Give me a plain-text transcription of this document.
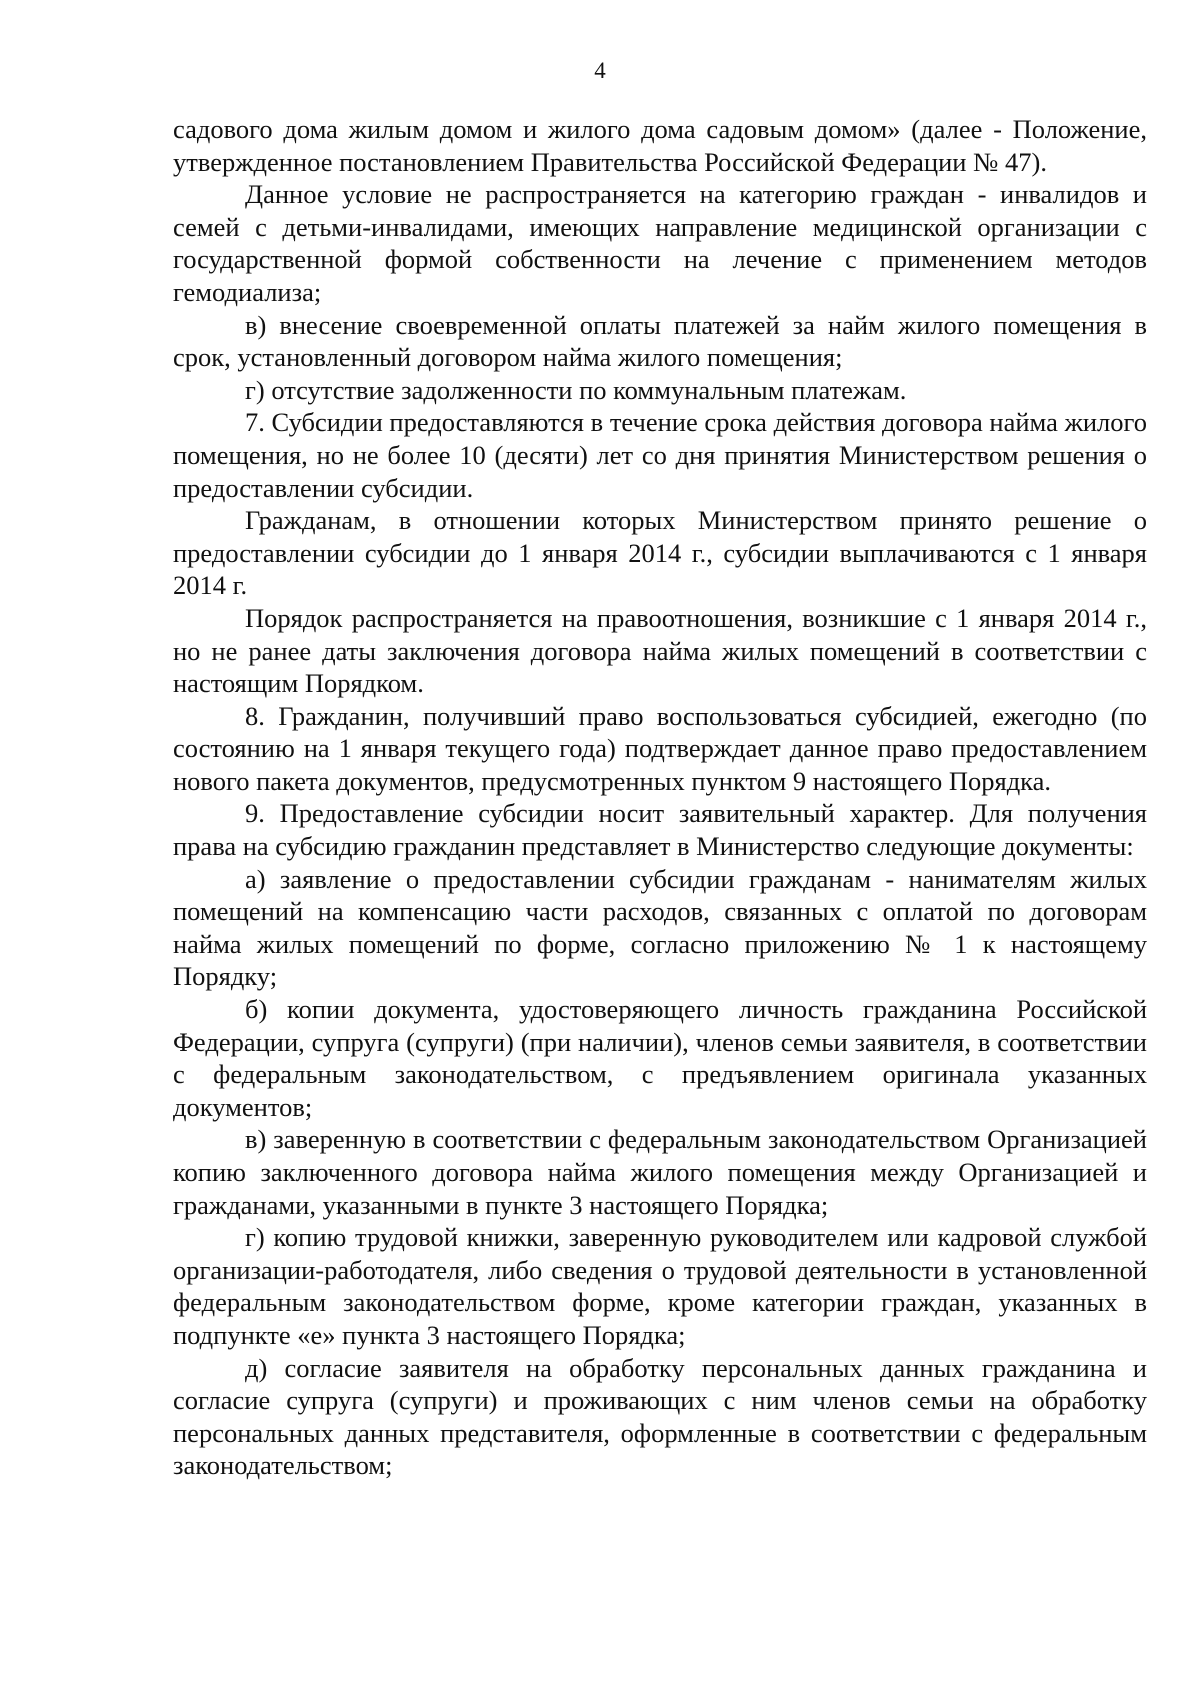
4

садового дома жилым домом и жилого дома садовым домом» (далее - Положение, утвержденное постановлением Правительства Российской Федерации № 47).

Данное условие не распространяется на категорию граждан - инвалидов и семей с детьми-инвалидами, имеющих направление медицинской организации с государственной формой собственности на лечение с применением методов гемодиализа;

в) внесение своевременной оплаты платежей за найм жилого помещения в срок, установленный договором найма жилого помещения;

г) отсутствие задолженности по коммунальным платежам.

7. Субсидии предоставляются в течение срока действия договора найма жилого помещения, но не более 10 (десяти) лет со дня принятия Министерством решения о предоставлении субсидии.

Гражданам, в отношении которых Министерством принято решение о предоставлении субсидии до 1 января 2014 г., субсидии выплачиваются с 1 января 2014 г.

Порядок распространяется на правоотношения, возникшие с 1 января 2014 г., но не ранее даты заключения договора найма жилых помещений в соответствии с настоящим Порядком.

8. Гражданин, получивший право воспользоваться субсидией, ежегодно (по состоянию на 1 января текущего года) подтверждает данное право предоставлением нового пакета документов, предусмотренных пунктом 9 настоящего Порядка.

9. Предоставление субсидии носит заявительный характер. Для получения права на субсидию гражданин представляет в Министерство следующие документы:

а) заявление о предоставлении субсидии гражданам - нанимателям жилых помещений на компенсацию части расходов, связанных с оплатой по договорам найма жилых помещений по форме, согласно приложению № 1 к настоящему Порядку;

б) копии документа, удостоверяющего личность гражданина Российской Федерации, супруга (супруги) (при наличии), членов семьи заявителя, в соответствии с федеральным законодательством, с предъявлением оригинала указанных документов;

в) заверенную в соответствии с федеральным законодательством Организацией копию заключенного договора найма жилого помещения между Организацией и гражданами, указанными в пункте 3 настоящего Порядка;

г) копию трудовой книжки, заверенную руководителем или кадровой службой организации-работодателя, либо сведения о трудовой деятельности в установленной федеральным законодательством форме, кроме категории граждан, указанных в подпункте «е» пункта 3 настоящего Порядка;

д) согласие заявителя на обработку персональных данных гражданина и согласие супруга (супруги) и проживающих с ним членов семьи на обработку персональных данных представителя, оформленные в соответствии с федеральным законодательством;
